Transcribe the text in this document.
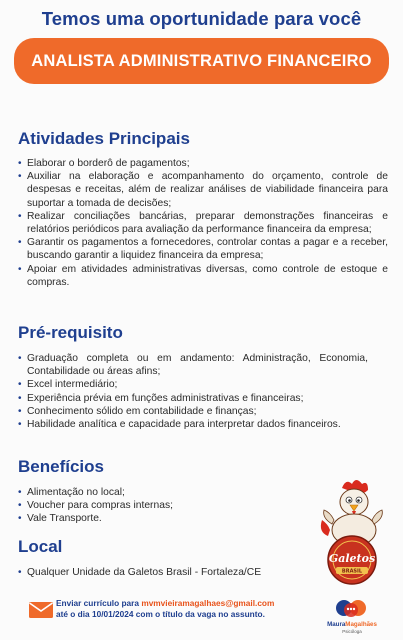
Temos uma oportunidade para você
ANALISTA ADMINISTRATIVO FINANCEIRO
Atividades Principais
• Elaborar o borderô de pagamentos;
• Auxiliar na elaboração e acompanhamento do orçamento, controle de despesas e receitas, além de realizar análises de viabilidade financeira para suportar a tomada de decisões;
• Realizar conciliações bancárias, preparar demonstrações financeiras e relatórios periódicos para avaliação da performance financeira da empresa;
• Garantir os pagamentos a fornecedores, controlar contas a pagar e a receber, buscando garantir a liquidez financeira da empresa;
• Apoiar em atividades administrativas diversas, como controle de estoque e compras.
Pré-requisito
• Graduação completa ou em andamento: Administração, Economia, Contabilidade ou áreas afins;
• Excel intermediário;
• Experiência prévia em funções administrativas e financeiras;
• Conhecimento sólido em contabilidade e finanças;
• Habilidade analítica e capacidade para interpretar dados financeiros.
Benefícios
• Alimentação no local;
• Voucher para compras internas;
• Vale Transporte.
Local
• Qualquer Unidade da Galetos Brasil - Fortaleza/CE
Galetos
BRASIL
Enviar currículo para mvmvieiramagalhaes@gmail.com
até o dia 10/01/2024 com o título da vaga no assunto.
MauraMagalhães
Psicóloga
